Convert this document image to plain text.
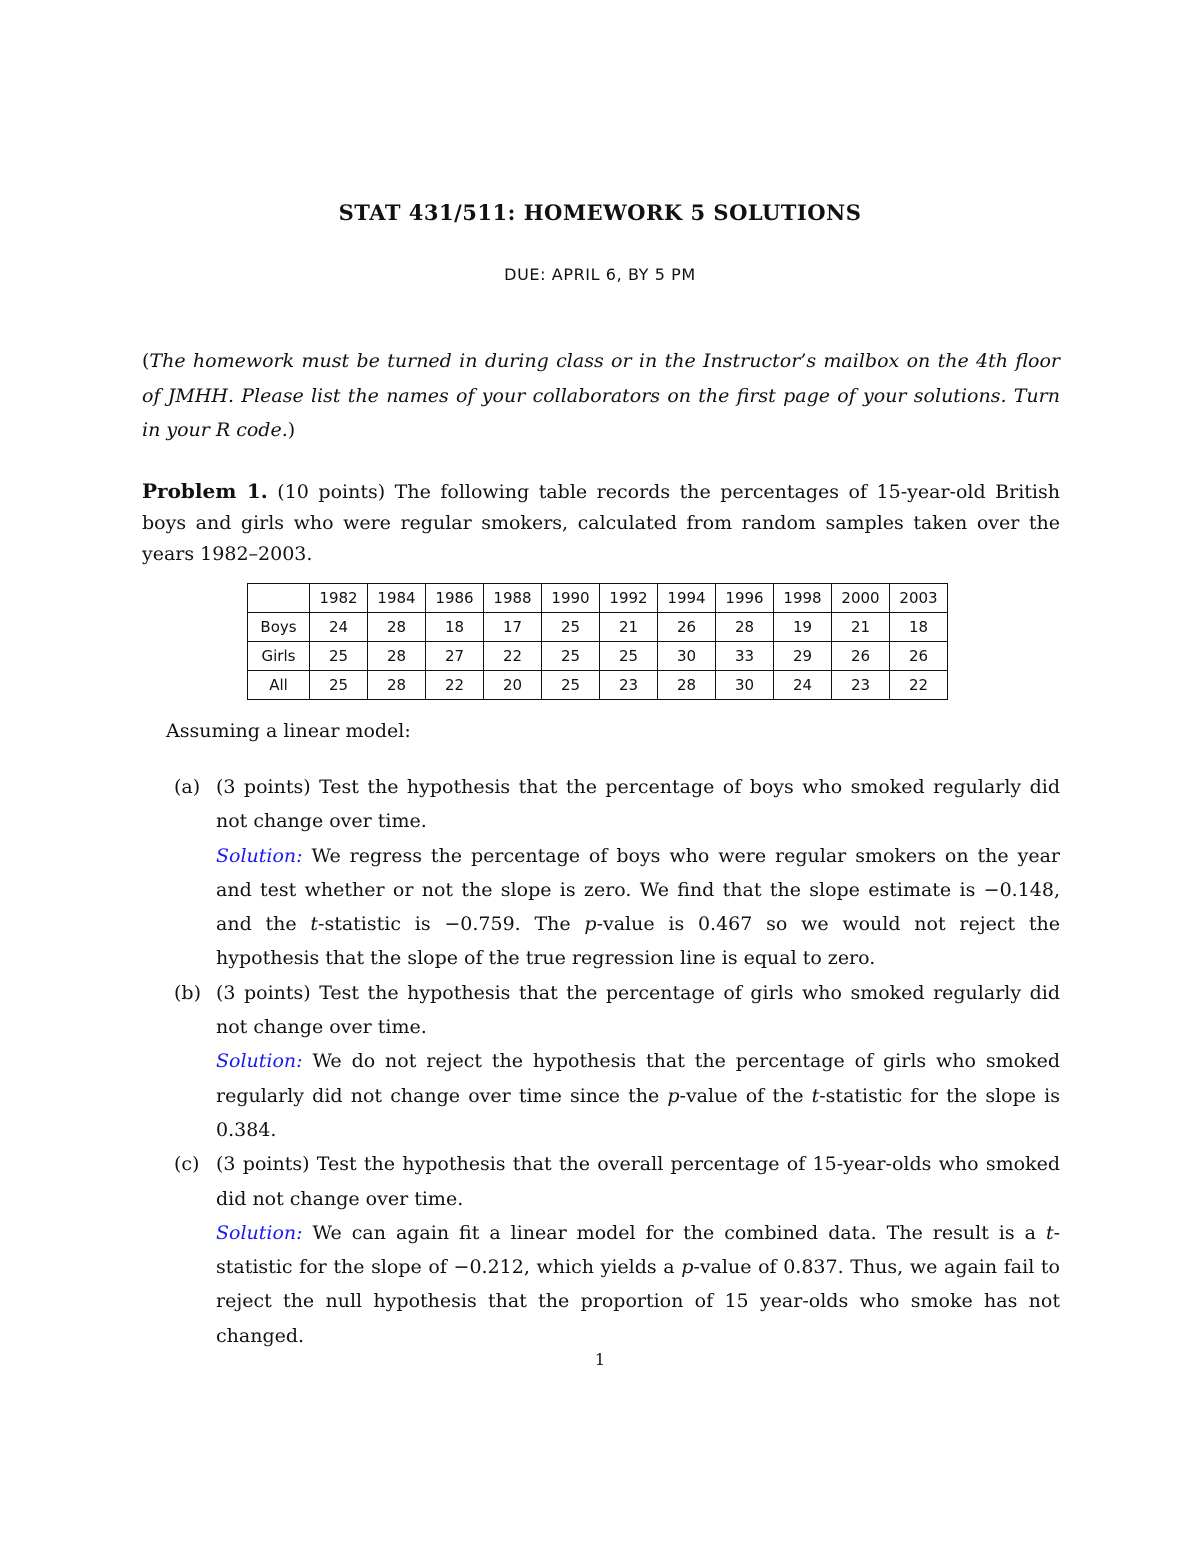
STAT 431/511: HOMEWORK 5 SOLUTIONS
DUE: APRIL 6, BY 5 PM
(The homework must be turned in during class or in the Instructor’s mailbox on the 4th floor of JMHH. Please list the names of your collaborators on the first page of your solutions. Turn in your R code.)
Problem 1. (10 points) The following table records the percentages of 15-year-old British boys and girls who were regular smokers, calculated from random samples taken over the years 1982–2003.
	1982	1984	1986	1988	1990	1992	1994	1996	1998	2000	2003
Boys	24	28	18	17	25	21	26	28	19	21	18
Girls	25	28	27	22	25	25	30	33	29	26	26
All	25	28	22	20	25	23	28	30	24	23	22
Assuming a linear model:
(a) (3 points) Test the hypothesis that the percentage of boys who smoked regularly did not change over time.
Solution: We regress the percentage of boys who were regular smokers on the year and test whether or not the slope is zero. We find that the slope estimate is −0.148, and the t-statistic is −0.759. The p-value is 0.467 so we would not reject the hypothesis that the slope of the true regression line is equal to zero.
(b) (3 points) Test the hypothesis that the percentage of girls who smoked regularly did not change over time.
Solution: We do not reject the hypothesis that the percentage of girls who smoked regularly did not change over time since the p-value of the t-statistic for the slope is 0.384.
(c) (3 points) Test the hypothesis that the overall percentage of 15-year-olds who smoked did not change over time.
Solution: We can again fit a linear model for the combined data. The result is a t-statistic for the slope of −0.212, which yields a p-value of 0.837. Thus, we again fail to reject the null hypothesis that the proportion of 15 year-olds who smoke has not changed.
1
